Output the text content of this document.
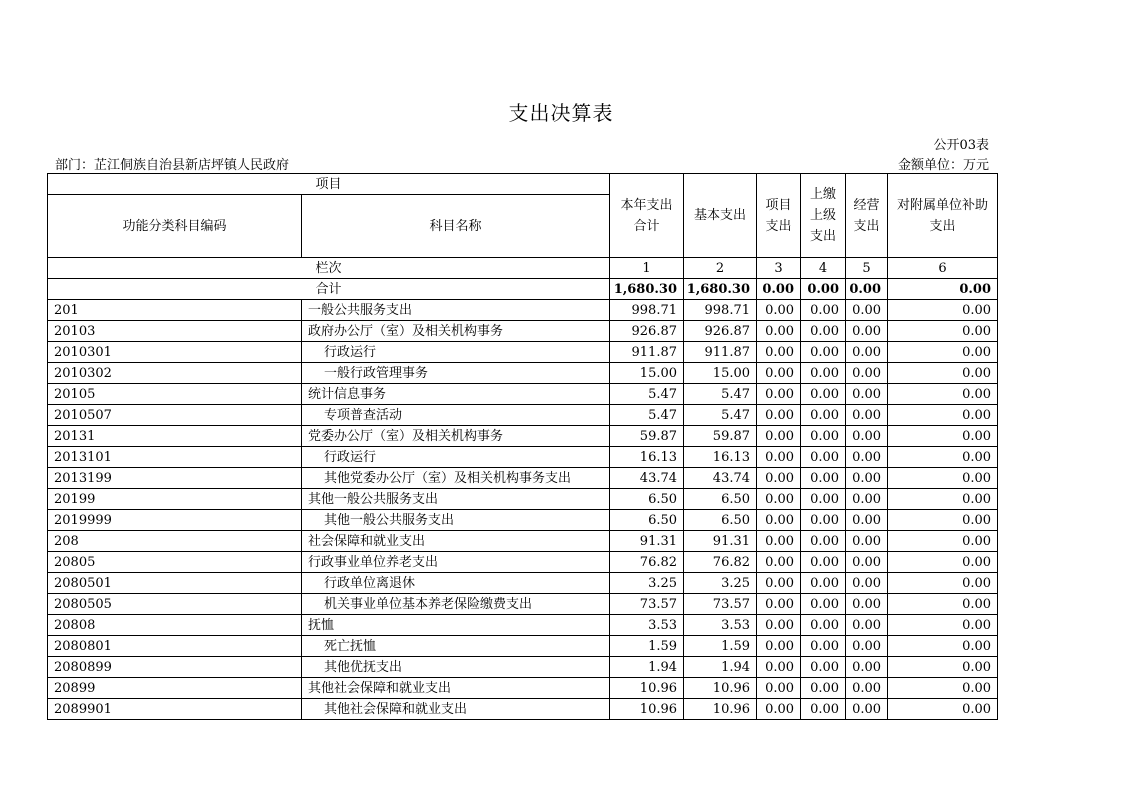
支出决算表
公开03表
部门：芷江侗族自治县新店坪镇人民政府	金额单位：万元
项目		本年支出合计	基本支出	项目支出	上缴上级支出	经营支出	对附属单位补助支出
功能分类科目编码	科目名称						
栏次		1	2	3	4	5	6
合计		1,680.30	1,680.30	0.00	0.00	0.00	0.00
201	一般公共服务支出	998.71	998.71	0.00	0.00	0.00	0.00
20103	政府办公厅（室）及相关机构事务	926.87	926.87	0.00	0.00	0.00	0.00
2010301	行政运行	911.87	911.87	0.00	0.00	0.00	0.00
2010302	一般行政管理事务	15.00	15.00	0.00	0.00	0.00	0.00
20105	统计信息事务	5.47	5.47	0.00	0.00	0.00	0.00
2010507	专项普查活动	5.47	5.47	0.00	0.00	0.00	0.00
20131	党委办公厅（室）及相关机构事务	59.87	59.87	0.00	0.00	0.00	0.00
2013101	行政运行	16.13	16.13	0.00	0.00	0.00	0.00
2013199	其他党委办公厅（室）及相关机构事务支出	43.74	43.74	0.00	0.00	0.00	0.00
20199	其他一般公共服务支出	6.50	6.50	0.00	0.00	0.00	0.00
2019999	其他一般公共服务支出	6.50	6.50	0.00	0.00	0.00	0.00
208	社会保障和就业支出	91.31	91.31	0.00	0.00	0.00	0.00
20805	行政事业单位养老支出	76.82	76.82	0.00	0.00	0.00	0.00
2080501	行政单位离退休	3.25	3.25	0.00	0.00	0.00	0.00
2080505	机关事业单位基本养老保险缴费支出	73.57	73.57	0.00	0.00	0.00	0.00
20808	抚恤	3.53	3.53	0.00	0.00	0.00	0.00
2080801	死亡抚恤	1.59	1.59	0.00	0.00	0.00	0.00
2080899	其他优抚支出	1.94	1.94	0.00	0.00	0.00	0.00
20899	其他社会保障和就业支出	10.96	10.96	0.00	0.00	0.00	0.00
2089901	其他社会保障和就业支出	10.96	10.96	0.00	0.00	0.00	0.00
